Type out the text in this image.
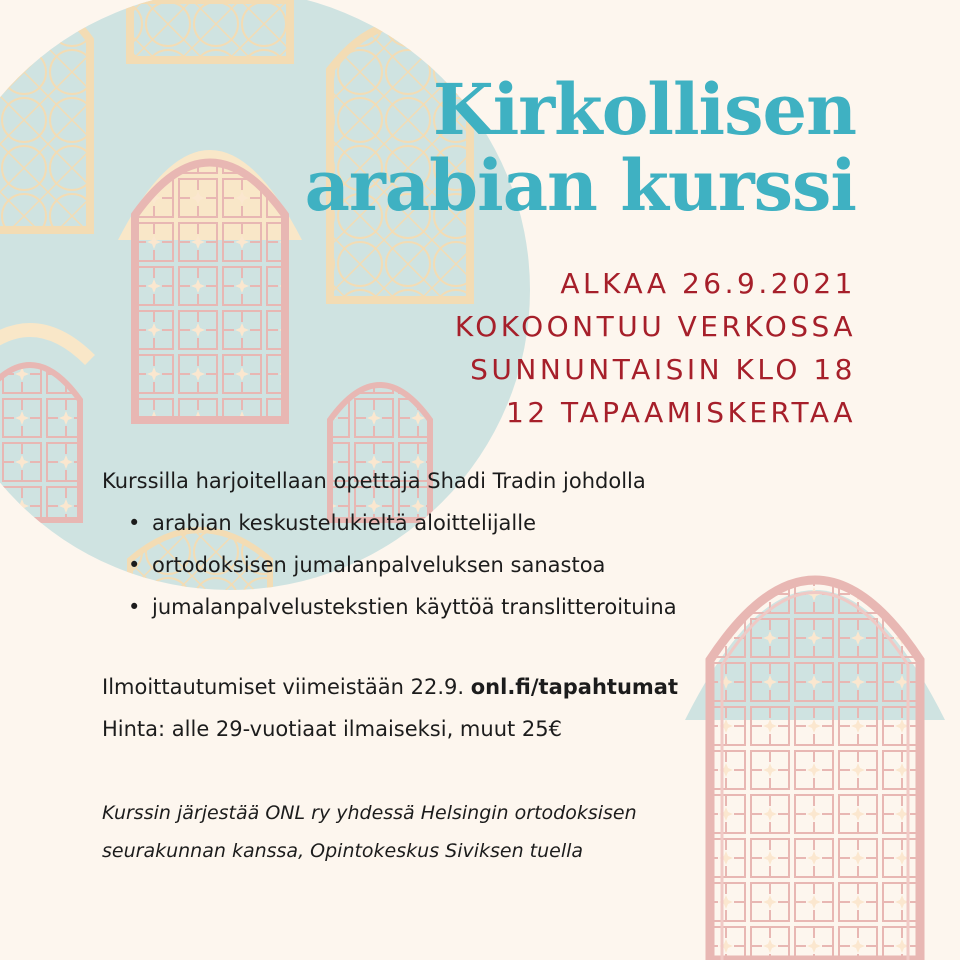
Kirkollisen
arabian kurssi
ALKAA 26.9.2021
KOKOONTUU VERKOSSA
SUNNUNTAISIN KLO 18
12 TAPAAMISKERTAA
Kurssilla harjoitellaan opettaja Shadi Tradin johdolla
• arabian keskustelukieltä aloittelijalle
• ortodoksisen jumalanpalveluksen sanastoa
• jumalanpalvelustekstien käyttöä translitteroituina
Ilmoittautumiset viimeistään 22.9. onl.fi/tapahtumat
Hinta: alle 29-vuotiaat ilmaiseksi, muut 25€
Kurssin järjestää ONL ry yhdessä Helsingin ortodoksisen
seurakunnan kanssa, Opintokeskus Siviksen tuella
